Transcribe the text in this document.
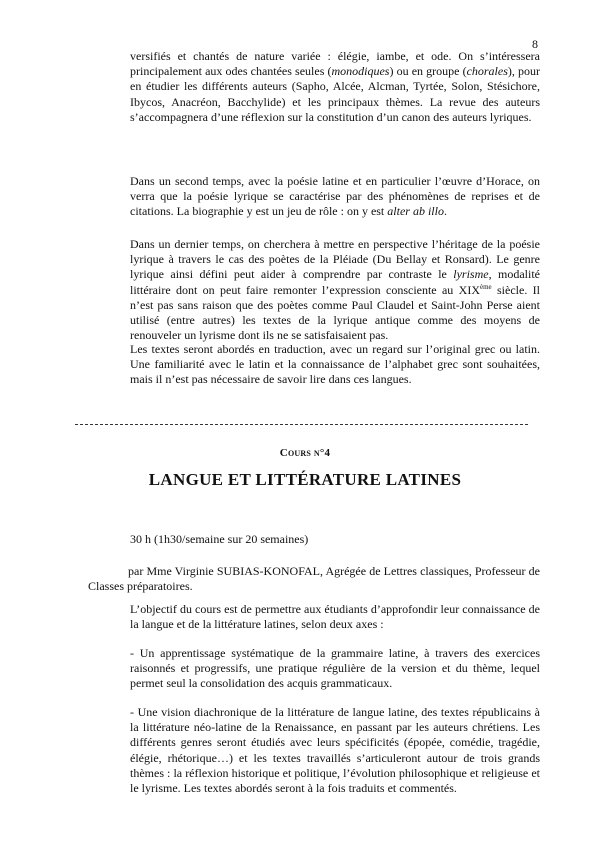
8

versifiés et chantés de nature variée : élégie, iambe, et ode. On s’intéressera principalement aux odes chantées seules (monodiques) ou en groupe (chorales), pour en étudier les différents auteurs (Sapho, Alcée, Alcman, Tyrtée, Solon, Stésichore, Ibycos, Anacréon, Bacchylide) et les principaux thèmes. La revue des auteurs s’accompagnera d’une réflexion sur la constitution d’un canon des auteurs lyriques.

Dans un second temps, avec la poésie latine et en particulier l’œuvre d’Horace, on verra que la poésie lyrique se caractérise par des phénomènes de reprises et de citations. La biographie y est un jeu de rôle : on y est alter ab illo.

Dans un dernier temps, on cherchera à mettre en perspective l’héritage de la poésie lyrique à travers le cas des poètes de la Pléiade (Du Bellay et Ronsard). Le genre lyrique ainsi défini peut aider à comprendre par contraste le lyrisme, modalité littéraire dont on peut faire remonter l’expression consciente au XIXème siècle. Il n’est pas sans raison que des poètes comme Paul Claudel et Saint-John Perse aient utilisé (entre autres) les textes de la lyrique antique comme des moyens de renouveler un lyrisme dont ils ne se satisfaisaient pas.

Les textes seront abordés en traduction, avec un regard sur l’original grec ou latin. Une familiarité avec le latin et la connaissance de l’alphabet grec sont souhaitées, mais il n’est pas nécessaire de savoir lire dans ces langues.

Cours n°4
LANGUE ET LITTÉRATURE LATINES
30 h (1h30/semaine sur 20 semaines)

par Mme Virginie SUBIAS-KONOFAL, Agrégée de Lettres classiques, Professeur de Classes préparatoires.

L’objectif du cours est de permettre aux étudiants d’approfondir leur connaissance de la langue et de la littérature latines, selon deux axes :

- Un apprentissage systématique de la grammaire latine, à travers des exercices raisonnés et progressifs, une pratique régulière de la version et du thème, lequel permet seul la consolidation des acquis grammaticaux.

- Une vision diachronique de la littérature de langue latine, des textes républicains à la littérature néo-latine de la Renaissance, en passant par les auteurs chrétiens. Les différents genres seront étudiés avec leurs spécificités (épopée, comédie, tragédie, élégie, rhétorique…) et les textes travaillés s’articuleront autour de trois grands thèmes : la réflexion historique et politique, l’évolution philosophique et religieuse et le lyrisme. Les textes abordés seront à la fois traduits et commentés.
